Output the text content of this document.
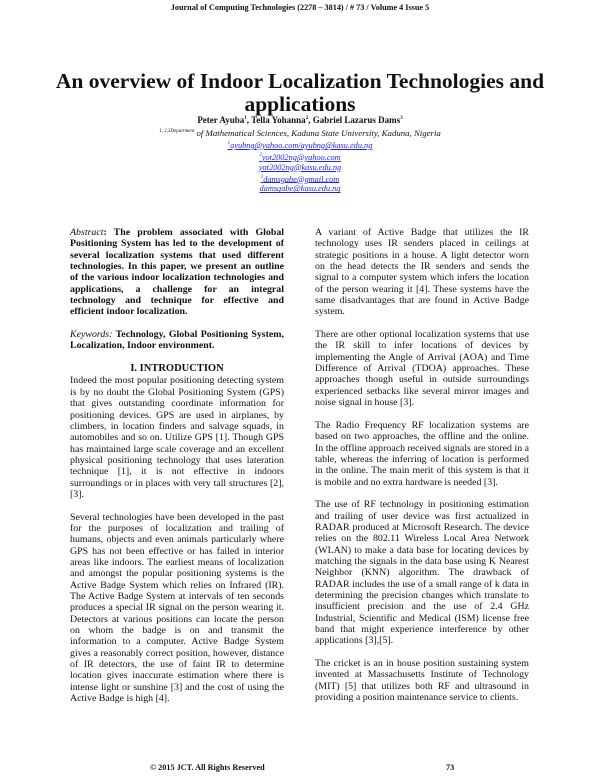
Journal of Computing Technologies (2278 – 3814) / # 73 / Volume 4 Issue 5
An overview of Indoor Localization Technologies and applications
Peter Ayuba$^1$, Tella Yohanna$^2$, Gabriel Lazarus Dams$^3$
$^{1, 2,3Department}$ of Mathematical Sciences, Kaduna State University, Kaduna, Nigeria
$^1$ayubng@yahoo.com/ayubng@kasu.edu.ng
$^2$yot2002ng@yahoo.com
yot2002ng@kasu.edu.ng
$^3$damsgabe@gmail.com
damsgabe@kasu.edu.ng

Abstract: The problem associated with Global Positioning System has led to the development of several localization systems that used different technologies. In this paper, we present an outline of the various indoor localization technologies and applications, a challenge for an integral technology and technique for effective and efficient indoor localization.

Keywords: Technology, Global Positioning System, Localization, Indoor environment.

I. INTRODUCTION

Indeed the most popular positioning detecting system is by no doubt the Global Positioning System (GPS) that gives outstanding coordinate information for positioning devices. GPS are used in airplanes, by climbers, in location finders and salvage squads, in automobiles and so on. Utilize GPS [1]. Though GPS has maintained large scale coverage and an excellent physical positioning technology that uses lateration technique [1], it is not effective in indoors surroundings or in places with very tall structures [2], [3].

Several technologies have been developed in the past for the purposes of localization and trailing of humans, objects and even animals particularly where GPS has not been effective or has failed in interior areas like indoors. The earliest means of localization and amongst the popular positioning systems is the Active Badge System which relies on Infrared (IR). The Active Badge System at intervals of ten seconds produces a special IR signal on the person wearing it. Detectors at various positions can locate the person on whom the badge is on and transmit the information to a computer. Active Badge System gives a reasonably correct position, however, distance of IR detectors, the use of faint IR to determine location gives inaccurate estimation where there is intense light or sunshine [3] and the cost of using the Active Badge is high [4].

A variant of Active Badge that utilizes the IR technology uses IR senders placed in ceilings at strategic positions in a house. A light detector worn on the head detects the IR senders and sends the signal to a computer system which infers the location of the person wearing it [4]. These systems have the same disadvantages that are found in Active Badge system.

There are other optional localization systems that use the IR skill to infer locations of devices by implementing the Angle of Arrival (AOA) and Time Difference of Arrival (TDOA) approaches. These approaches though useful in outside surroundings experienced setbacks like several mirror images and noise signal in house [3].

The Radio Frequency RF localization systems are based on two approaches, the offline and the online. In the offline approach received signals are stored in a table, whereas the inferring of location is performed in the online. The main merit of this system is that it is mobile and no extra hardware is needed [3].

The use of RF technology in positioning estimation and trailing of user device was first actualized in RADAR produced at Microsoft Research. The device relies on the 802.11 Wireless Local Area Network (WLAN) to make a data base for locating devices by matching the signals in the data base using K Nearest Neighbor (KNN) algorithm. The drawback of RADAR includes the use of a small range of k data in determining the precision changes which translate to insufficient precision and the use of 2.4 GHz Industrial, Scientific and Medical (ISM) license free band that might experience interference by other applications [3],[5].

The cricket is an in house position sustaining system invented at Massachusetts Institute of Technology (MIT) [5] that utilizes both RF and ultrasound in providing a position maintenance service to clients.

© 2015 JCT. All Rights Reserved	73
